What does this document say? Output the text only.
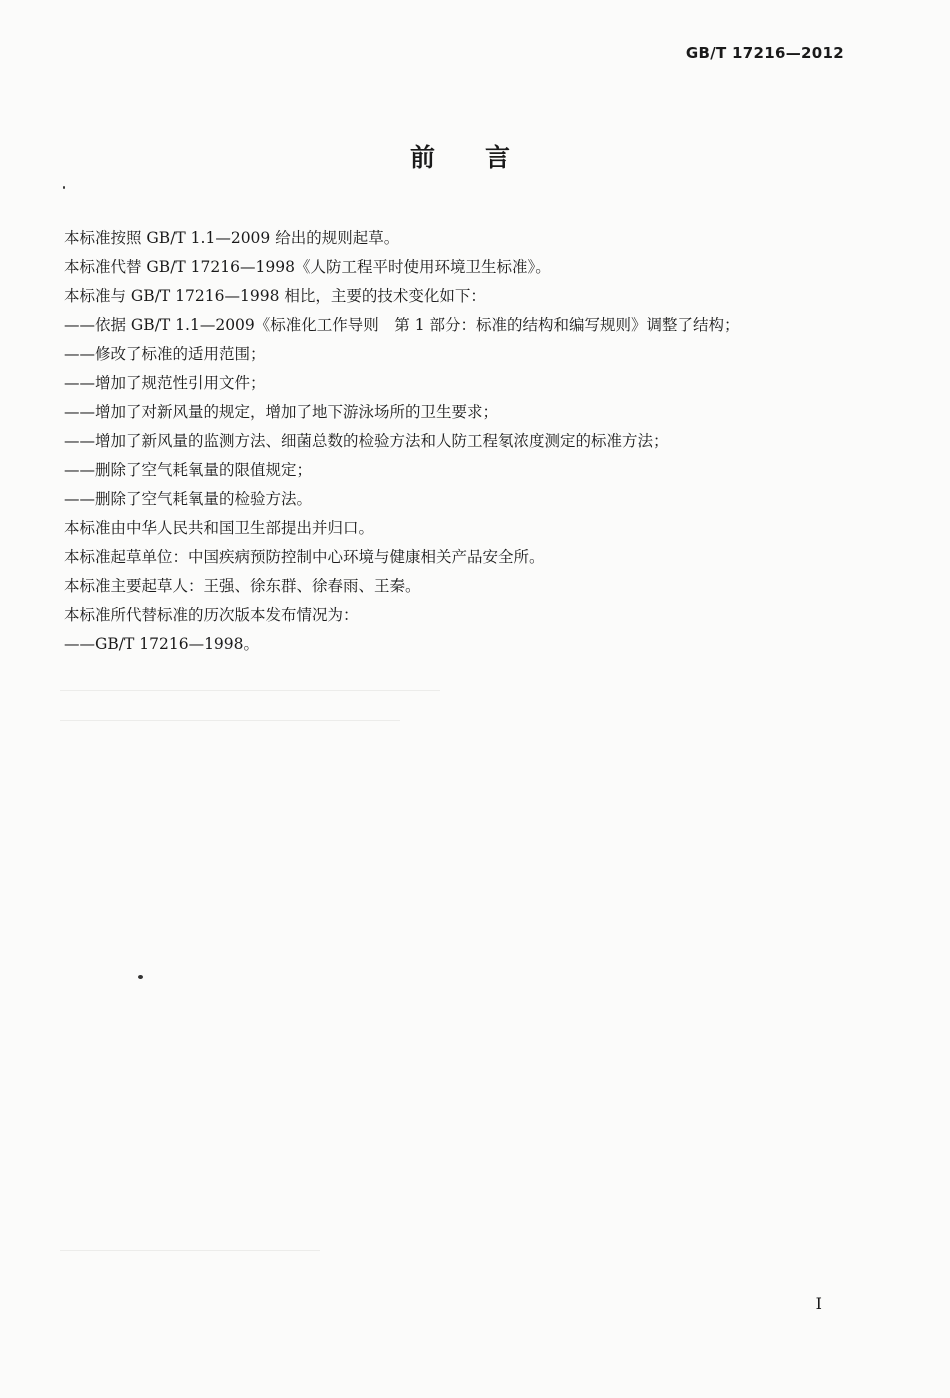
GB/T 17216—2012
前言
本标准按照 GB/T 1.1—2009 给出的规则起草。
本标准代替 GB/T 17216—1998《人防工程平时使用环境卫生标准》。
本标准与 GB/T 17216—1998 相比，主要的技术变化如下：
——依据 GB/T 1.1—2009《标准化工作导则　第 1 部分：标准的结构和编写规则》调整了结构；
——修改了标准的适用范围；
——增加了规范性引用文件；
——增加了对新风量的规定，增加了地下游泳场所的卫生要求；
——增加了新风量的监测方法、细菌总数的检验方法和人防工程氡浓度测定的标准方法；
——删除了空气耗氧量的限值规定；
——删除了空气耗氧量的检验方法。
本标准由中华人民共和国卫生部提出并归口。
本标准起草单位：中国疾病预防控制中心环境与健康相关产品安全所。
本标准主要起草人：王强、徐东群、徐春雨、王秦。
本标准所代替标准的历次版本发布情况为：
——GB/T 17216—1998。
I
